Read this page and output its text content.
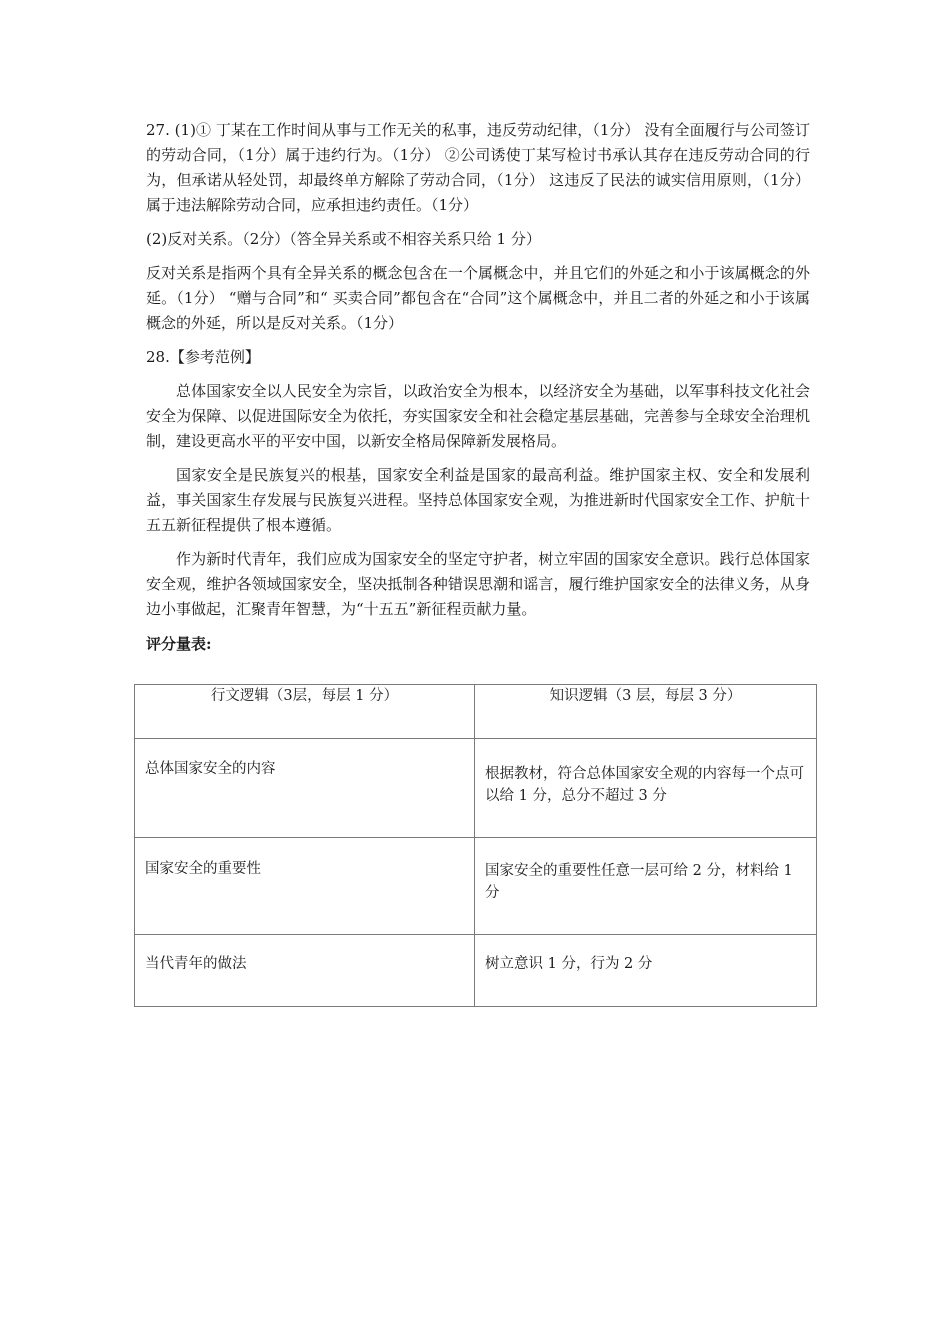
27. (1)① 丁某在工作时间从事与工作无关的私事，违反劳动纪律，（1分） 没有全面履行与公司签订的劳动合同，（1分）属于违约行为。（1分） ②公司诱使丁某写检讨书承认其存在违反劳动合同的行为，但承诺从轻处罚，却最终单方解除了劳动合同，（1分） 这违反了民法的诚实信用原则，（1分） 属于违法解除劳动合同，应承担违约责任。（1分）

(2)反对关系。（2分）（答全异关系或不相容关系只给 1 分）

反对关系是指两个具有全异关系的概念包含在一个属概念中，并且它们的外延之和小于该属概念的外延。（1分） “赠与合同”和“ 买卖合同”都包含在“合同”这个属概念中，并且二者的外延之和小于该属概念的外延，所以是反对关系。（1分）

28.【参考范例】

总体国家安全以人民安全为宗旨，以政治安全为根本，以经济安全为基础，以军事科技文化社会安全为保障、以促进国际安全为依托，夯实国家安全和社会稳定基层基础，完善参与全球安全治理机制，建设更高水平的平安中国，以新安全格局保障新发展格局。

国家安全是民族复兴的根基，国家安全利益是国家的最高利益。维护国家主权、安全和发展利益，事关国家生存发展与民族复兴进程。坚持总体国家安全观，为推进新时代国家安全工作、护航十五五新征程提供了根本遵循。

作为新时代青年，我们应成为国家安全的坚定守护者，树立牢固的国家安全意识。践行总体国家安全观，维护各领域国家安全，坚决抵制各种错误思潮和谣言，履行维护国家安全的法律义务，从身边小事做起，汇聚青年智慧，为“十五五”新征程贡献力量。

评分量表:

行文逻辑（3层，每层 1 分）	知识逻辑（3 层，每层 3 分）
总体国家安全的内容	根据教材，符合总体国家安全观的内容每一个点可以给 1 分，总分不超过 3 分
国家安全的重要性	国家安全的重要性任意一层可给 2 分，材料给 1 分
当代青年的做法	树立意识 1 分，行为 2 分
